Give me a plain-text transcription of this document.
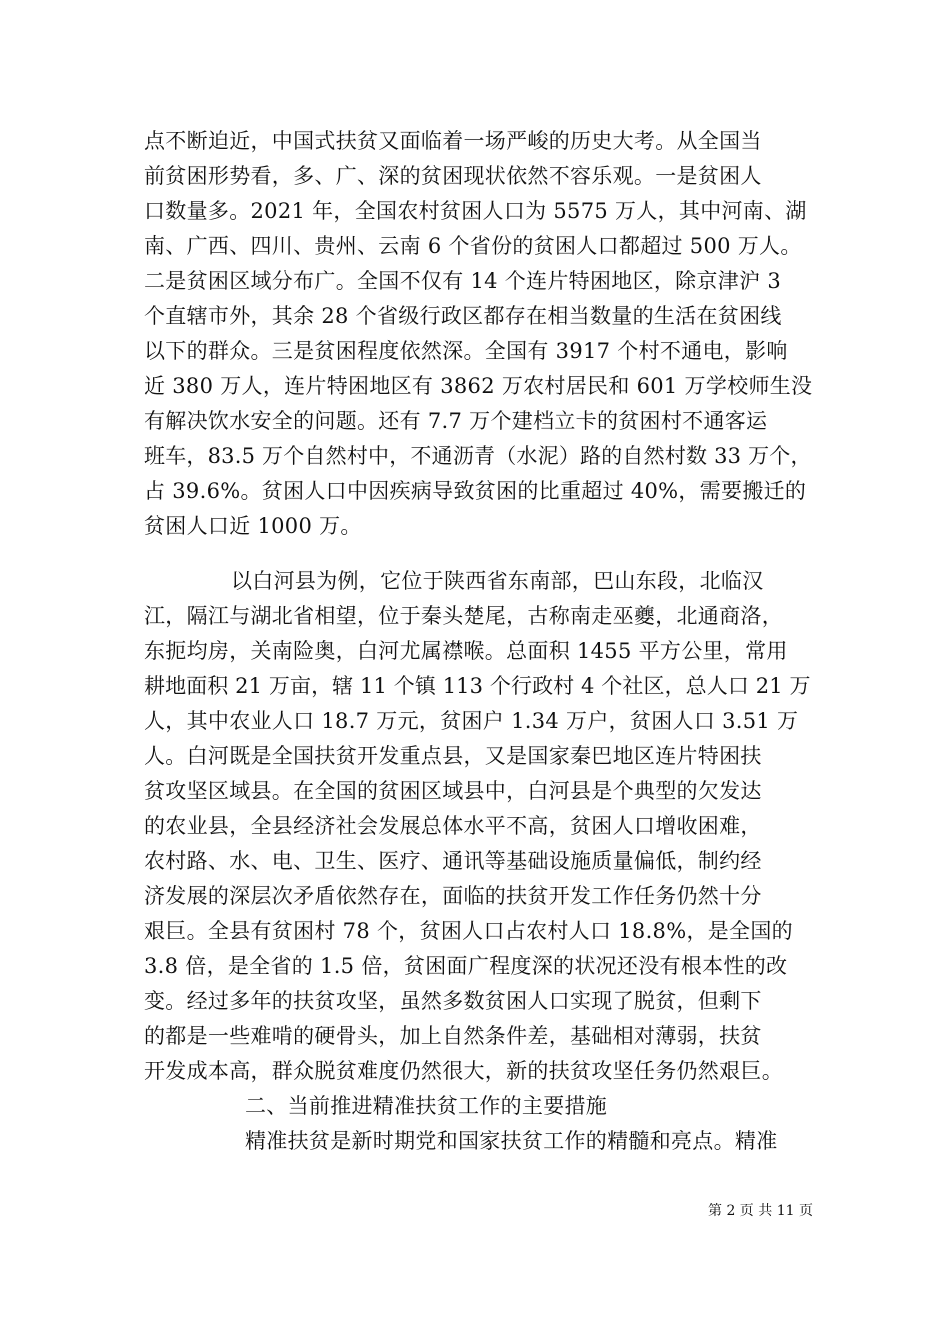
点不断迫近，中国式扶贫又面临着一场严峻的历史大考。从全国当
前贫困形势看，多、广、深的贫困现状依然不容乐观。一是贫困人
口数量多。2021 年，全国农村贫困人口为 5575 万人，其中河南、湖
南、广西、四川、贵州、云南 6 个省份的贫困人口都超过 500 万人。
二是贫困区域分布广。全国不仅有 14 个连片特困地区，除京津沪 3
个直辖市外，其余 28 个省级行政区都存在相当数量的生活在贫困线
以下的群众。三是贫困程度依然深。全国有 3917 个村不通电，影响
近 380 万人，连片特困地区有 3862 万农村居民和 601 万学校师生没
有解决饮水安全的问题。还有 7.7 万个建档立卡的贫困村不通客运
班车，83.5 万个自然村中，不通沥青（水泥）路的自然村数 33 万个，
占 39.6%。贫困人口中因疾病导致贫困的比重超过 40%，需要搬迁的
贫困人口近 1000 万。
以白河县为例，它位于陕西省东南部，巴山东段，北临汉
江，隔江与湖北省相望，位于秦头楚尾，古称南走巫夔，北通商洛，
东扼均房，关南险奥，白河尤属襟喉。总面积 1455 平方公里，常用
耕地面积 21 万亩，辖 11 个镇 113 个行政村 4 个社区，总人口 21 万
人，其中农业人口 18.7 万元，贫困户 1.34 万户，贫困人口 3.51 万
人。白河既是全国扶贫开发重点县，又是国家秦巴地区连片特困扶
贫攻坚区域县。在全国的贫困区域县中，白河县是个典型的欠发达
的农业县，全县经济社会发展总体水平不高，贫困人口增收困难，
农村路、水、电、卫生、医疗、通讯等基础设施质量偏低，制约经
济发展的深层次矛盾依然存在，面临的扶贫开发工作任务仍然十分
艰巨。全县有贫困村 78 个，贫困人口占农村人口 18.8%，是全国的
3.8 倍，是全省的 1.5 倍，贫困面广程度深的状况还没有根本性的改
变。经过多年的扶贫攻坚，虽然多数贫困人口实现了脱贫，但剩下
的都是一些难啃的硬骨头，加上自然条件差，基础相对薄弱，扶贫
开发成本高，群众脱贫难度仍然很大，新的扶贫攻坚任务仍然艰巨。
二、当前推进精准扶贫工作的主要措施
精准扶贫是新时期党和国家扶贫工作的精髓和亮点。精准
第 2 页 共 11 页
